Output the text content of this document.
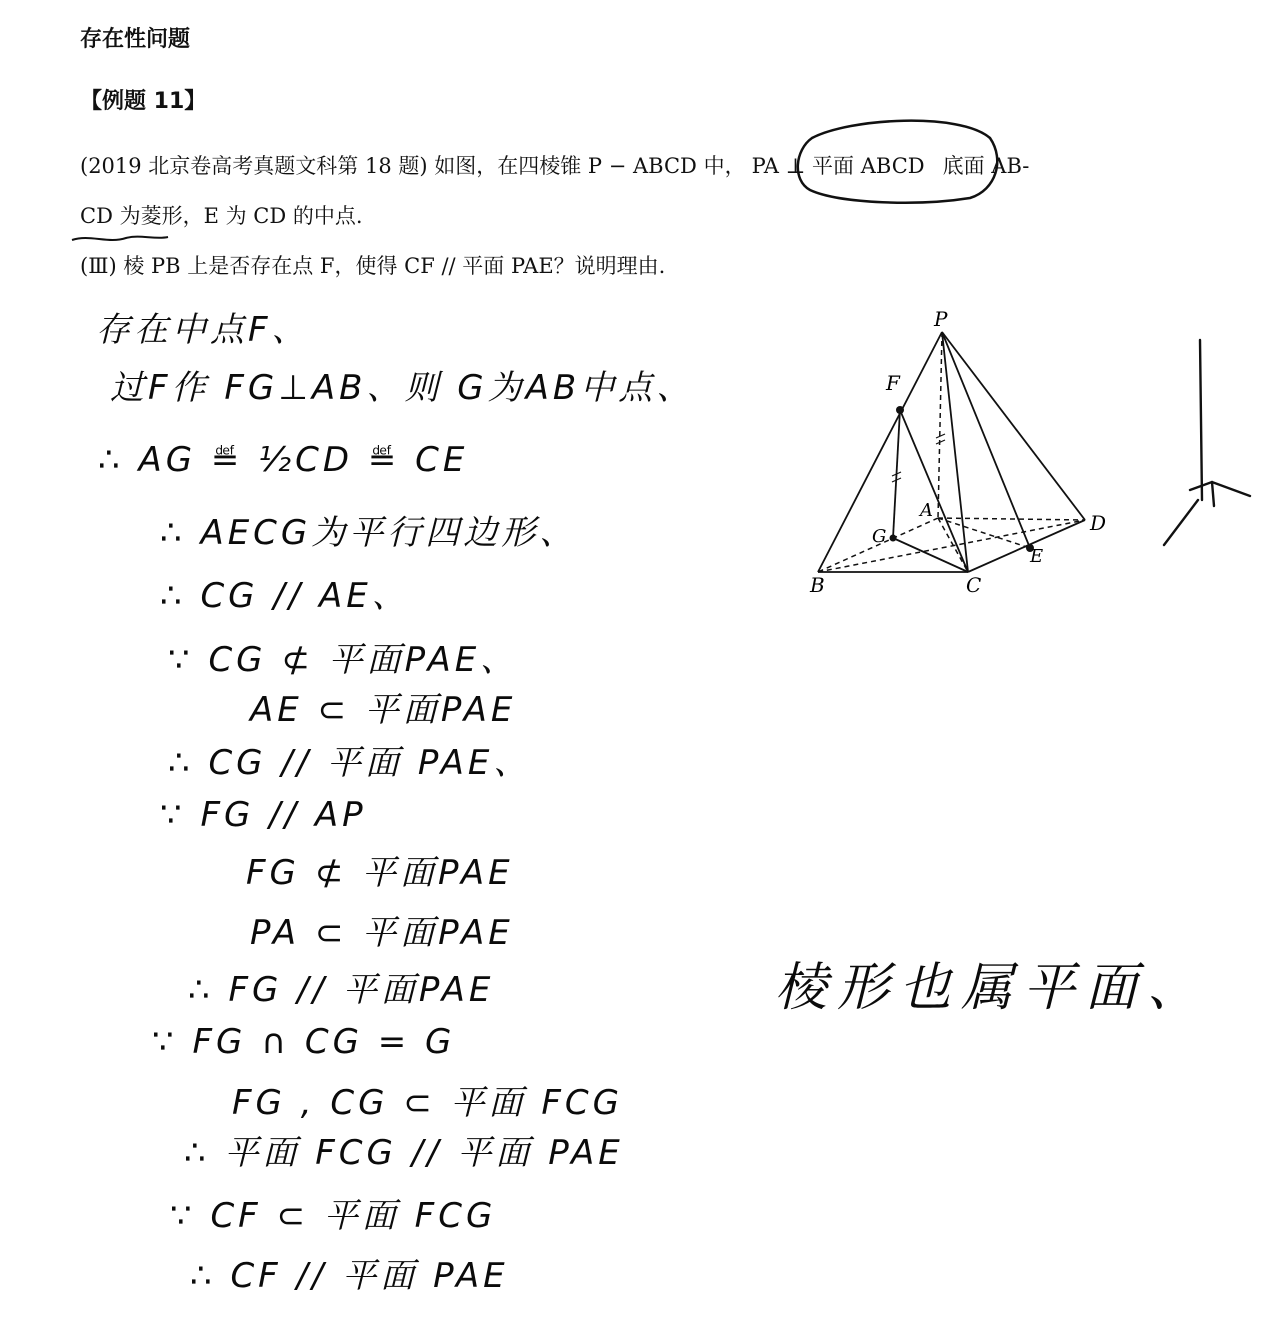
存在性问题
【例题 11】
(2019 北京卷高考真题文科第 18 题) 如图，在四棱锥 P − ABCD 中， PA ⊥ 平面 ABCD 底面 AB-
CD 为菱形，E 为 CD 的中点.
(Ⅲ) 棱 PB 上是否存在点 F，使得 CF // 平面 PAE？说明理由.
存在中点F、
过F作 FG⊥AB、则 G为AB中点、
∴ AG ≝ ½CD ≝ CE
∴ AECG为平行四边形、
∴ CG // AE、
∵ CG ⊄ 平面PAE、
AE ⊂ 平面PAE
∴ CG // 平面 PAE、
∵ FG // AP
FG ⊄ 平面PAE
PA ⊂ 平面PAE
∴ FG // 平面PAE
∵ FG ∩ CG = G
FG , CG ⊂ 平面 FCG
∴ 平面 FCG // 平面 PAE
∵ CF ⊂ 平面 FCG
∴ CF // 平面 PAE
棱形也属平面、
P
F
A
G
D
E
B	C
